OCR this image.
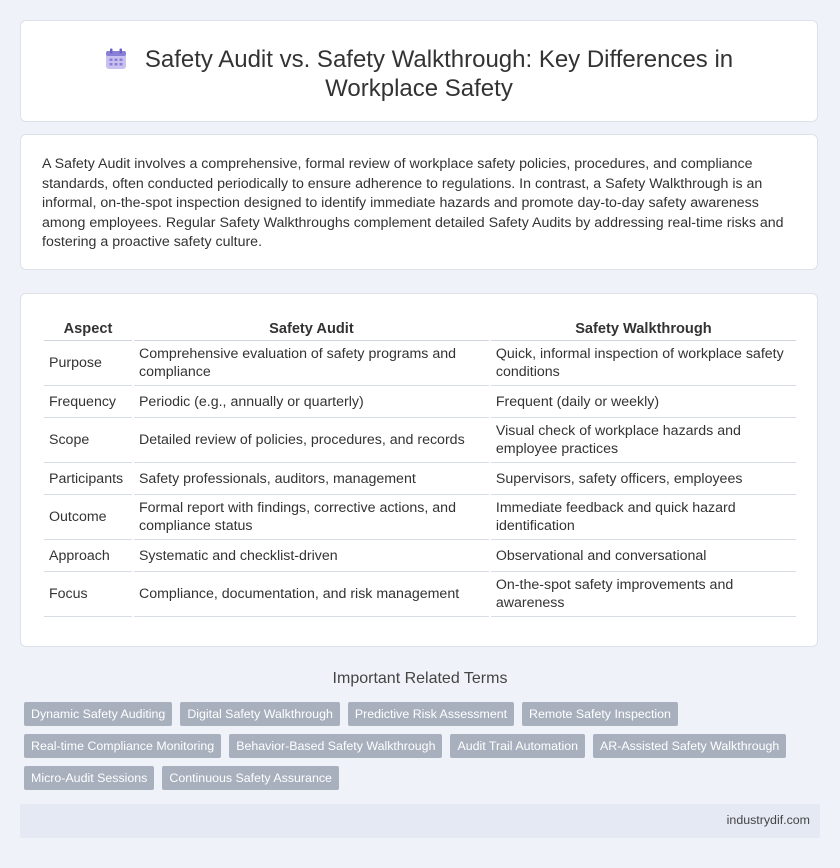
Safety Audit vs. Safety Walkthrough: Key Differences in Workplace Safety

A Safety Audit involves a comprehensive, formal review of workplace safety policies, procedures, and compliance standards, often conducted periodically to ensure adherence to regulations. In contrast, a Safety Walkthrough is an informal, on-the-spot inspection designed to identify immediate hazards and promote day-to-day safety awareness among employees. Regular Safety Walkthroughs complement detailed Safety Audits by addressing real-time risks and fostering a proactive safety culture.

Aspect	Safety Audit	Safety Walkthrough
Purpose	Comprehensive evaluation of safety programs and compliance	Quick, informal inspection of workplace safety conditions
Frequency	Periodic (e.g., annually or quarterly)	Frequent (daily or weekly)
Scope	Detailed review of policies, procedures, and records	Visual check of workplace hazards and employee practices
Participants	Safety professionals, auditors, management	Supervisors, safety officers, employees
Outcome	Formal report with findings, corrective actions, and compliance status	Immediate feedback and quick hazard identification
Approach	Systematic and checklist-driven	Observational and conversational
Focus	Compliance, documentation, and risk management	On-the-spot safety improvements and awareness
Important Related Terms
Dynamic Safety Auditing	Digital Safety Walkthrough	Predictive Risk Assessment	Remote Safety Inspection
Real-time Compliance Monitoring	Behavior-Based Safety Walkthrough	Audit Trail Automation	AR-Assisted Safety Walkthrough
Micro-Audit Sessions	Continuous Safety Assurance
industrydif.com
